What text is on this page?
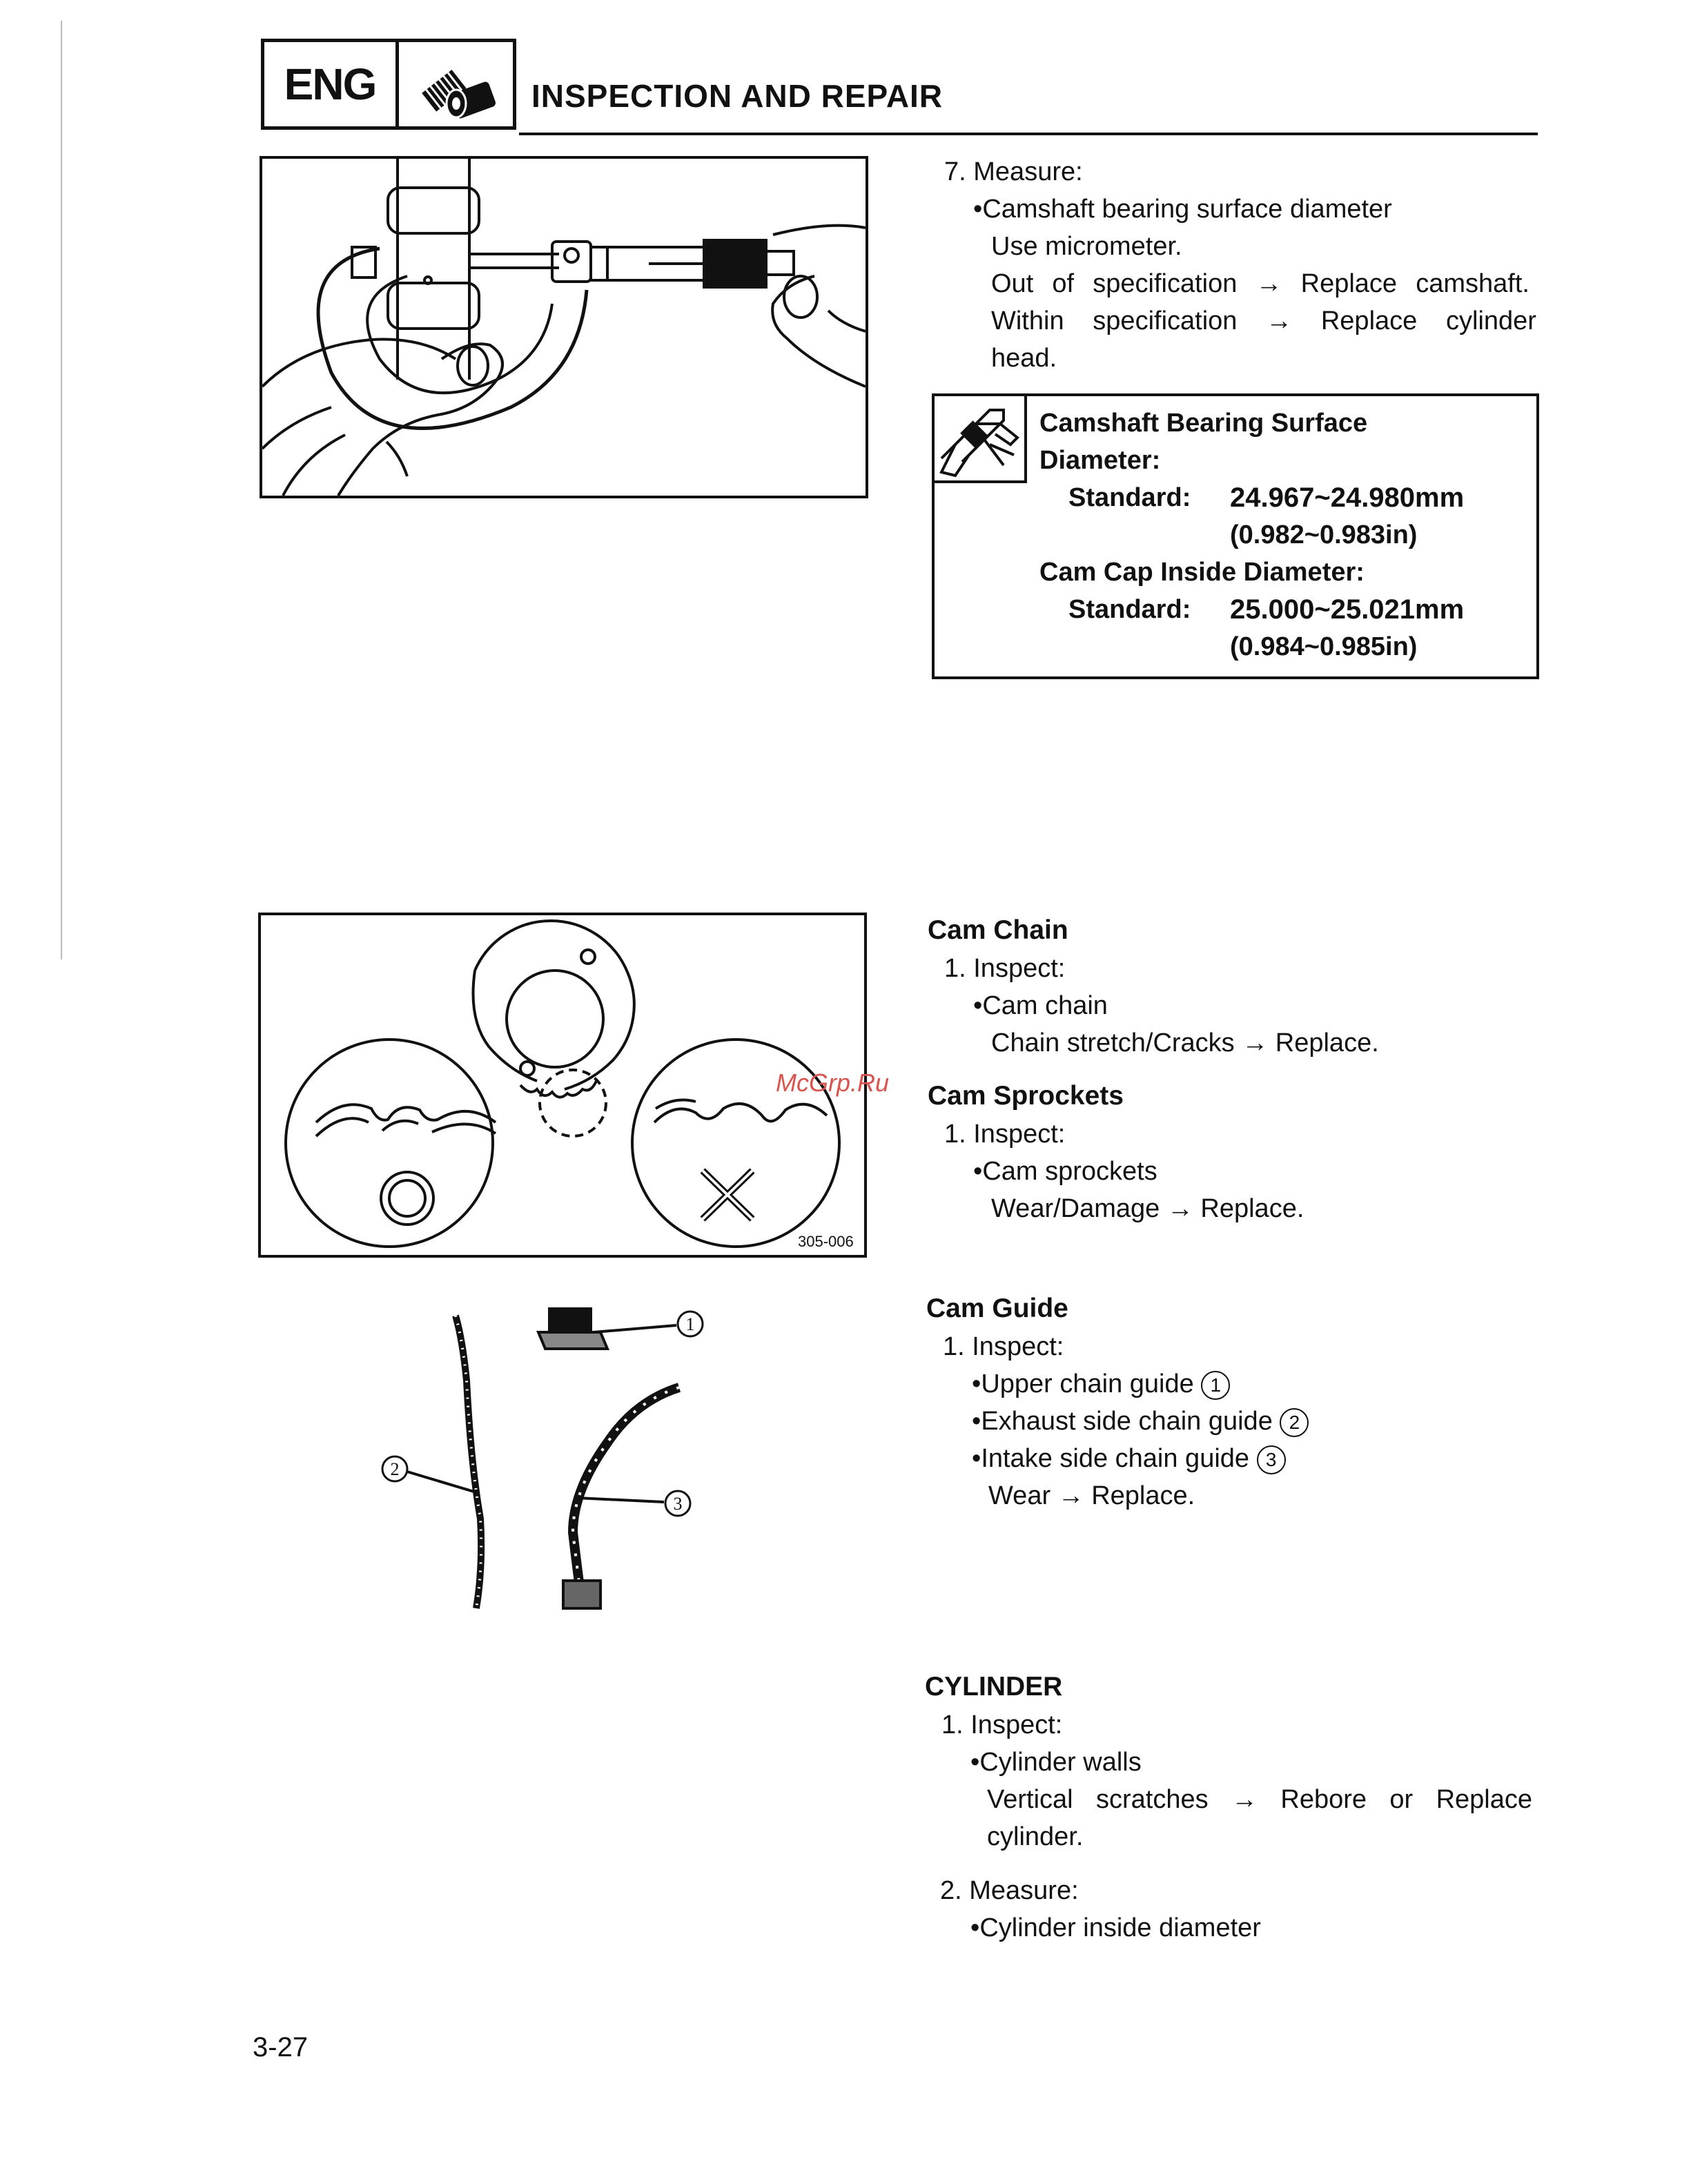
ENG	INSPECTION AND REPAIR
7. Measure:
•Camshaft bearing surface diameter
Use micrometer.
Out of specification → Replace camshaft.
Within specification → Replace cylinder
head.
Camshaft Bearing Surface
Diameter:
Standard: 24.967~24.980mm
(0.982~0.983in)
Cam Cap Inside Diameter:
Standard: 25.000~25.021mm
(0.984~0.985in)
305-006
McGrp.Ru
Cam Chain
1. Inspect:
•Cam chain
Chain stretch/Cracks → Replace.
Cam Sprockets
1. Inspect:
•Cam sprockets
Wear/Damage → Replace.
1
2
3
Cam Guide
1. Inspect:
•Upper chain guide 1
•Exhaust side chain guide 2
•Intake side chain guide 3
Wear → Replace.
CYLINDER
1. Inspect:
•Cylinder walls
Vertical scratches → Rebore or Replace
cylinder.
2. Measure:
•Cylinder inside diameter
3-27
